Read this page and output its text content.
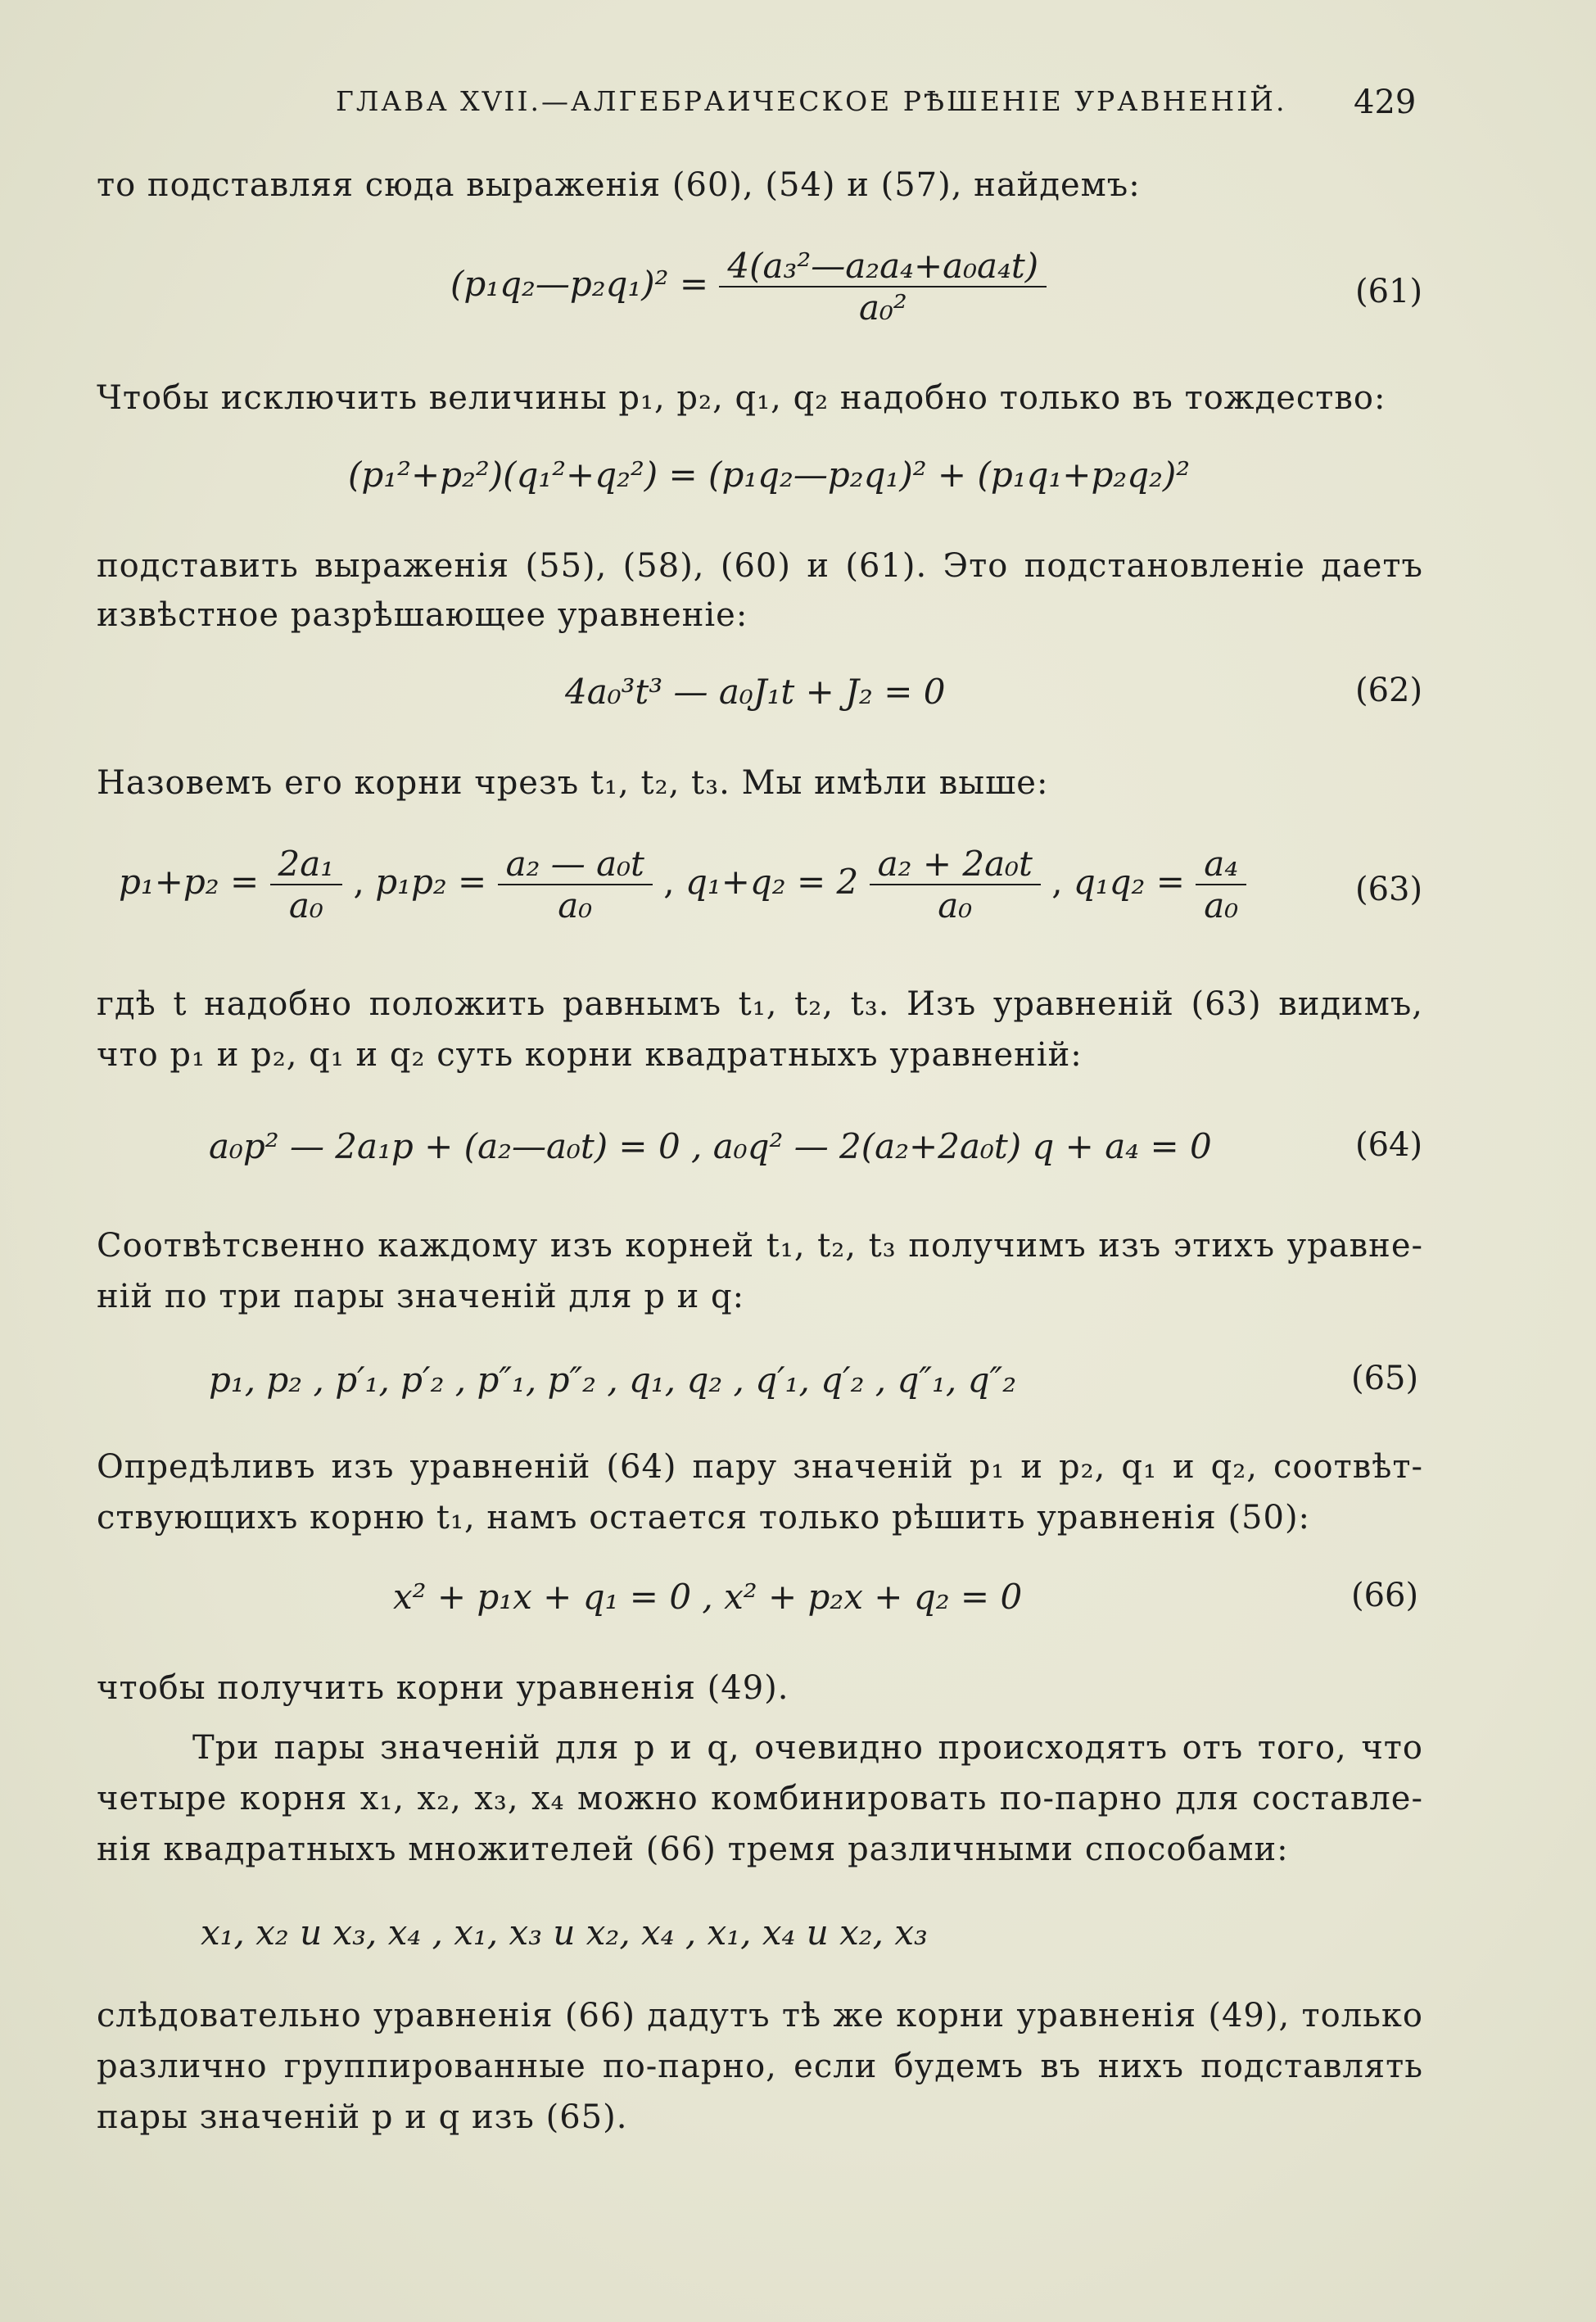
ГЛАВА XVII.—АЛГЕБРАИЧЕСКОЕ РѢШЕНІЕ УРАВНЕНІЙ. 429
то подставляя сюда выраженія (60), (54) и (57), найдемъ:
(p₁q₂—p₂q₁)² = $\frac{\text{4(a₃²—a₂a₄+a₀a₄t)}}{\text{a₀²}}$	(61)
Чтобы исключить величины p₁, p₂, q₁, q₂ надобно только въ тождество:
(p₁²+p₂²)(q₁²+q₂²) = (p₁q₂—p₂q₁)² + (p₁q₁+p₂q₂)²
подставить выраженія (55), (58), (60) и (61). Это подстановленіе даетъ
извѣстное разрѣшающее уравненіе:
4a₀³t³ — a₀J₁t + J₂ = 0	(62)
Назовемъ его корни чрезъ t₁, t₂, t₃. Мы имѣли выше:
$p_1+p_2 = \frac{\text{2a₁}}{\text{a₀}}$ , $p_1p_2 = \frac{\text{a₂ — a₀t}}{\text{a₀}}$ , $q_1+q_2 = 2 \frac{\text{a₂ + 2a₀t}}{\text{a₀}}$ , $q_1q_2 = \frac{\text{a₄}}{\text{a₀}}$	(63)
гдѣ t надобно положить равнымъ t₁, t₂, t₃. Изъ уравненій (63) видимъ,
что p₁ и p₂, q₁ и q₂ суть корни квадратныхъ уравненій:
a₀p² — 2a₁p + (a₂—a₀t) = 0 , a₀q² — 2(a₂+2a₀t) q + a₄ = 0	(64)
Соотвѣтсвенно каждому изъ корней t₁, t₂, t₃ получимъ изъ этихъ уравне-
ній по три пары значеній для p и q:
p₁, p₂ , p′₁, p′₂ , p″₁, p″₂ , q₁, q₂ , q′₁, q′₂ , q″₁, q″₂	(65)
Опредѣливъ изъ уравненій (64) пару значеній p₁ и p₂, q₁ и q₂, соотвѣт-
ствующихъ корню t₁, намъ остается только рѣшить уравненія (50):
x² + p₁x + q₁ = 0 , x² + p₂x + q₂ = 0	(66)
чтобы получить корни уравненія (49).
Три пары значеній для p и q, очевидно происходятъ отъ того, что
четыре корня x₁, x₂, x₃, x₄ можно комбинировать по-парно для составле-
нія квадратныхъ множителей (66) тремя различными способами:
x₁, x₂ и x₃, x₄ , x₁, x₃ и x₂, x₄ , x₁, x₄ и x₂, x₃
слѣдовательно уравненія (66) дадутъ тѣ же корни уравненія (49), только
различно группированные по-парно, если будемъ въ нихъ подставлять
пары значеній p и q изъ (65).
